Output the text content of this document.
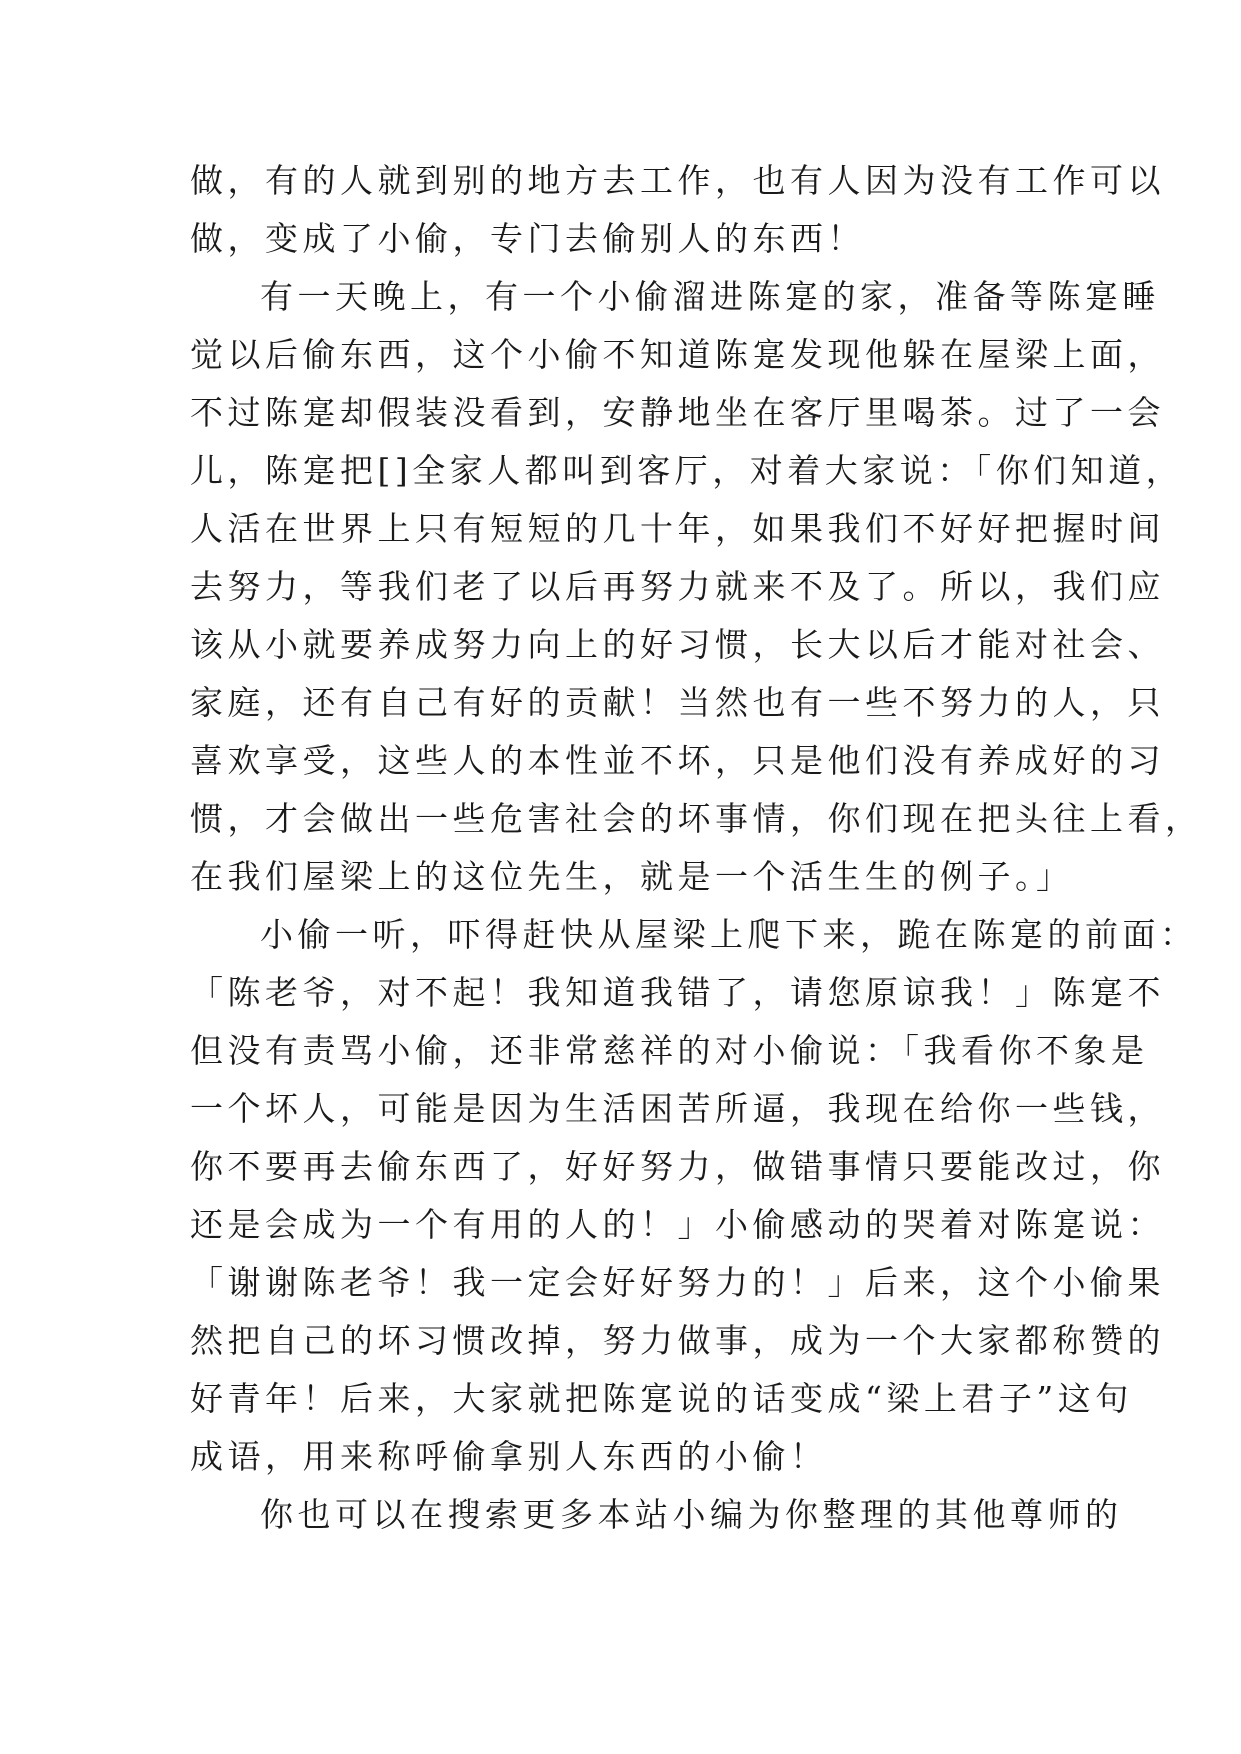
做，有的人就到别的地方去工作，也有人因为没有工作可以
做，变成了小偷，专门去偷别人的东西！
有一天晚上，有一个小偷溜进陈寔的家，准备等陈寔睡
觉以后偷东西，这个小偷不知道陈寔发现他躲在屋梁上面，
不过陈寔却假装没看到，安静地坐在客厅里喝茶。过了一会
儿，陈寔把[]全家人都叫到客厅，对着大家说：「你们知道，
人活在世界上只有短短的几十年，如果我们不好好把握时间
去努力，等我们老了以后再努力就来不及了。所以，我们应
该从小就要养成努力向上的好习惯，长大以后才能对社会、
家庭，还有自己有好的贡献！当然也有一些不努力的人，只
喜欢享受，这些人的本性並不坏，只是他们没有养成好的习
惯，才会做出一些危害社会的坏事情，你们现在把头往上看，
在我们屋梁上的这位先生，就是一个活生生的例子。」
小偷一听，吓得赶快从屋梁上爬下来，跪在陈寔的前面：
「陈老爷，对不起！我知道我错了，请您原谅我！」陈寔不
但没有责骂小偷，还非常慈祥的对小偷说：「我看你不象是
一个坏人，可能是因为生活困苦所逼，我现在给你一些钱，
你不要再去偷东西了，好好努力，做错事情只要能改过，你
还是会成为一个有用的人的！」小偷感动的哭着对陈寔说：
「谢谢陈老爷！我一定会好好努力的！」后来，这个小偷果
然把自己的坏习惯改掉，努力做事，成为一个大家都称赞的
好青年！后来，大家就把陈寔说的话变成“梁上君子”这句
成语，用来称呼偷拿别人东西的小偷！
你也可以在搜索更多本站小编为你整理的其他尊师的
